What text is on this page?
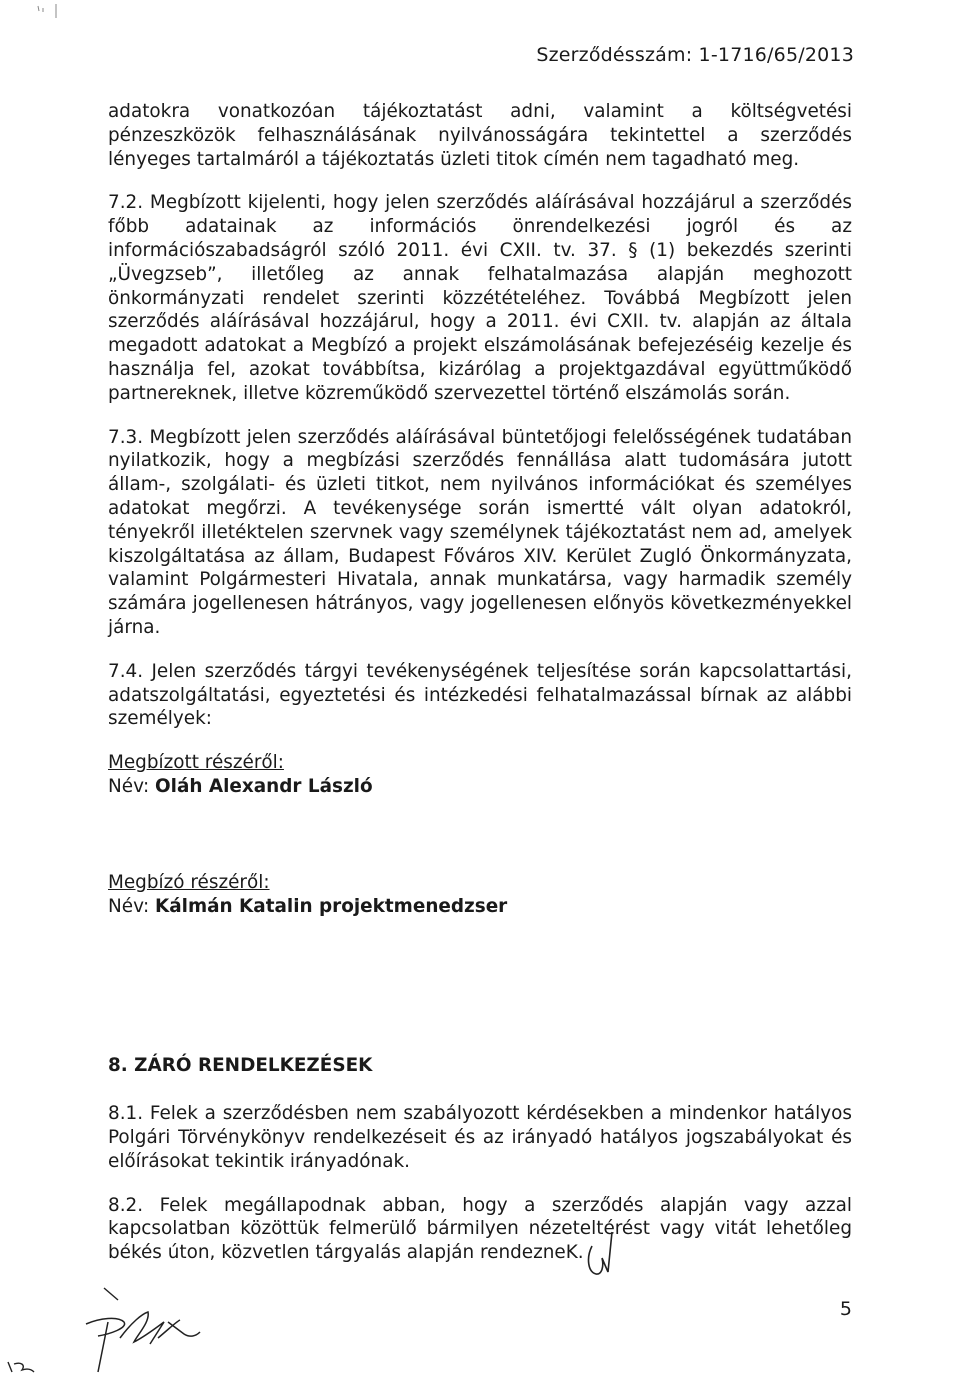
Szerződésszám: 1-1716/65/2013

adatokra vonatkozóan tájékoztatást adni, valamint a költségvetési pénzeszközök felhasználásának nyilvánosságára tekintettel a szerződés lényeges tartalmáról a tájékoztatás üzleti titok címén nem tagadható meg.

7.2. Megbízott kijelenti, hogy jelen szerződés aláírásával hozzájárul a szerződés főbb adatainak az információs önrendelkezési jogról és az információszabadságról szóló 2011. évi CXII. tv. 37. § (1) bekezdés szerinti „Üvegzseb”, illetőleg az annak felhatalmazása alapján meghozott önkormányzati rendelet szerinti közzétételéhez. Továbbá Megbízott jelen szerződés aláírásával hozzájárul, hogy a 2011. évi CXII. tv. alapján az általa megadott adatokat a Megbízó a projekt elszámolásának befejezéséig kezelje és használja fel, azokat továbbítsa, kizárólag a projektgazdával együttműködő partnereknek, illetve közreműködő szervezettel történő elszámolás során.

7.3. Megbízott jelen szerződés aláírásával büntetőjogi felelősségének tudatában nyilatkozik, hogy a megbízási szerződés fennállása alatt tudomására jutott állam-, szolgálati- és üzleti titkot, nem nyilvános információkat és személyes adatokat megőrzi. A tevékenysége során ismertté vált olyan adatokról, tényekről illetéktelen szervnek vagy személynek tájékoztatást nem ad, amelyek kiszolgáltatása az állam, Budapest Főváros XIV. Kerület Zugló Önkormányzata, valamint Polgármesteri Hivatala, annak munkatársa, vagy harmadik személy számára jogellenesen hátrányos, vagy jogellenesen előnyös következményekkel járna.

7.4. Jelen szerződés tárgyi tevékenységének teljesítése során kapcsolattartási, adatszolgáltatási, egyeztetési és intézkedési felhatalmazással bírnak az alábbi személyek:

Megbízott részéről:

Név: Oláh Alexandr László

Megbízó részéről:

Név: Kálmán Katalin projektmenedzser

8. ZÁRÓ RENDELKEZÉSEK

8.1. Felek a szerződésben nem szabályozott kérdésekben a mindenkor hatályos Polgári Törvénykönyv rendelkezéseit és az irányadó hatályos jogszabályokat és előírásokat tekintik irányadónak.

8.2. Felek megállapodnak abban, hogy a szerződés alapján vagy azzal kapcsolatban közöttük felmerülő bármilyen nézeteltérést vagy vitát lehetőleg békés úton, közvetlen tárgyalás alapján rendezneK.

5
